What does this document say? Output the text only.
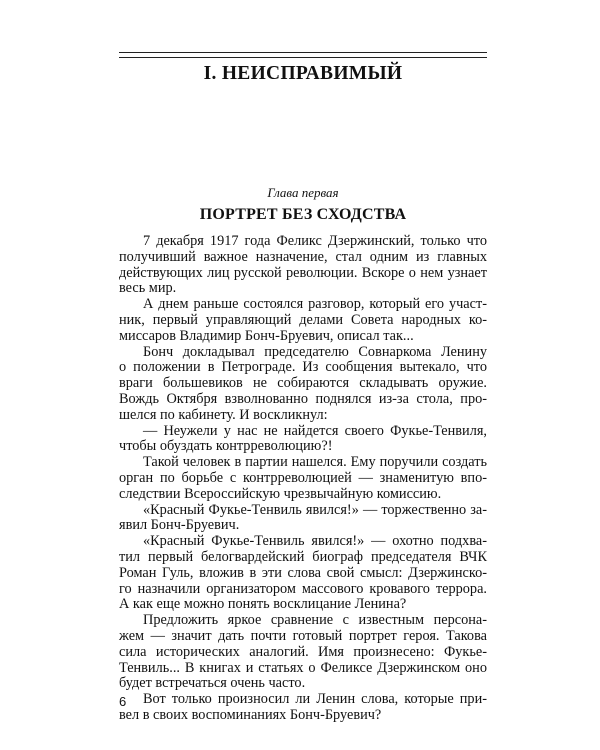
I. НЕИСПРАВИМЫЙ
Глава первая
ПОРТРЕТ БЕЗ СХОДСТВА
7 декабря 1917 года Феликс Дзержинский, только что
получивший важное назначение, стал одним из главных
действующих лиц русской революции. Вскоре о нем узнает
весь мир.
А днем раньше состоялся разговор, который его участ-
ник, первый управляющий делами Совета народных ко-
миссаров Владимир Бонч-Бруевич, описал так...
Бонч докладывал председателю Совнаркома Ленину
о положении в Петрограде. Из сообщения вытекало, что
враги большевиков не собираются складывать оружие.
Вождь Октября взволнованно поднялся из-за стола, про-
шелся по кабинету. И воскликнул:
— Неужели у нас не найдется своего Фукье-Тенвиля,
чтобы обуздать контрреволюцию?!
Такой человек в партии нашелся. Ему поручили создать
орган по борьбе с контрреволюцией — знаменитую впо-
следствии Всероссийскую чрезвычайную комиссию.
«Красный Фукье-Тенвиль явился!» — торжественно за-
явил Бонч-Бруевич.
«Красный Фукье-Тенвиль явился!» — охотно подхва-
тил первый белогвардейский биограф председателя ВЧК
Роман Гуль, вложив в эти слова свой смысл: Дзержинско-
го назначили организатором массового кровавого террора.
А как еще можно понять восклицание Ленина?
Предложить яркое сравнение с известным персона-
жем — значит дать почти готовый портрет героя. Такова
сила исторических аналогий. Имя произнесено: Фукье-
Тенвиль... В книгах и статьях о Феликсе Дзержинском оно
будет встречаться очень часто.
Вот только произносил ли Ленин слова, которые при-
вел в своих воспоминаниях Бонч-Бруевич?
6
